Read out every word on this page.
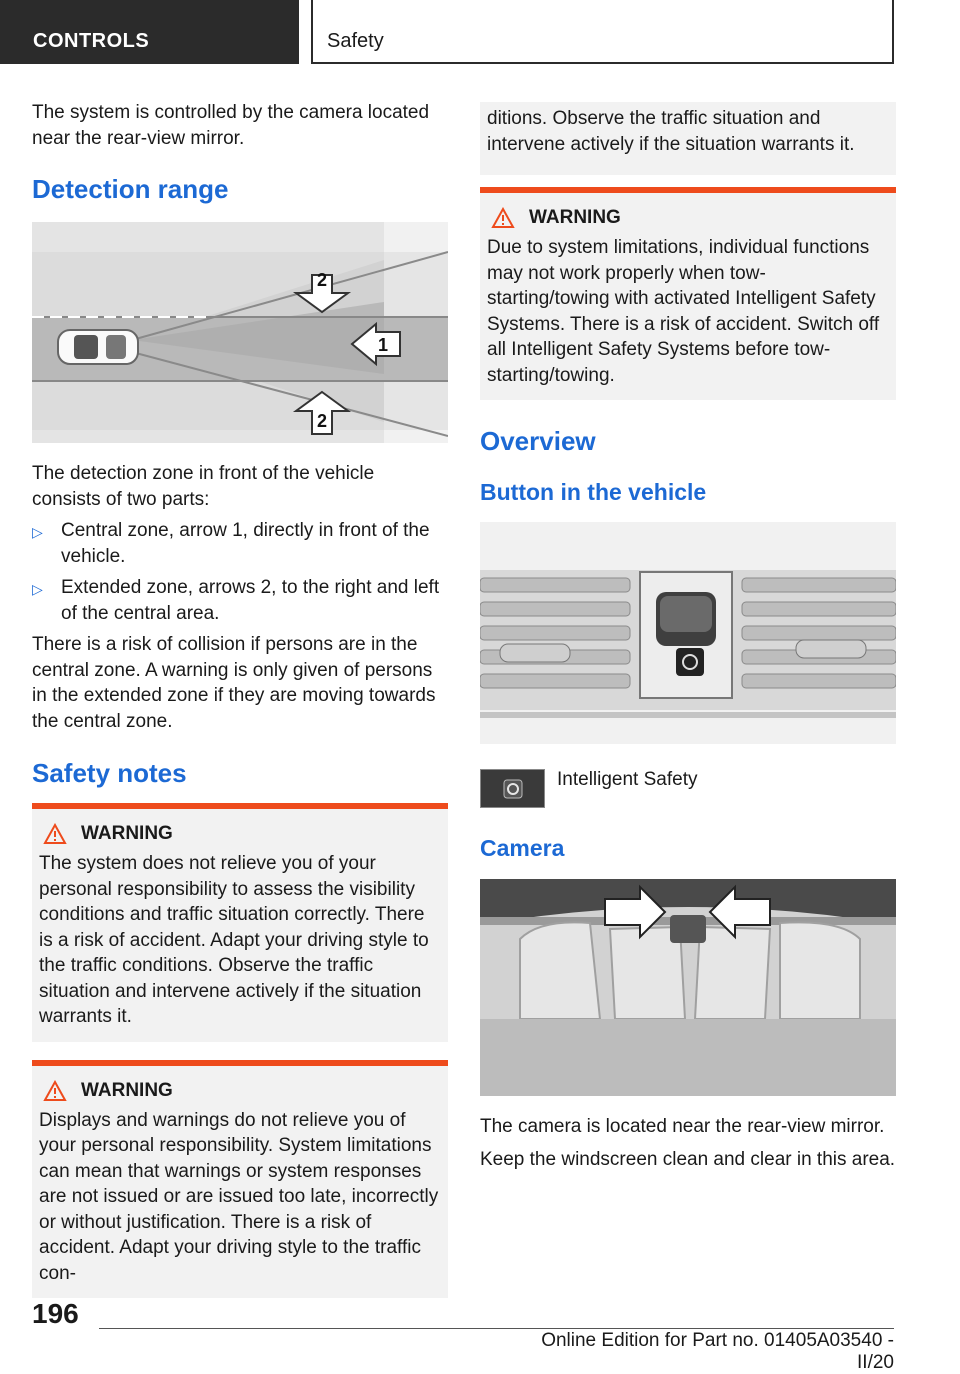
CONTROLS	Safety

The system is controlled by the camera located near the rear-view mirror.

Detection range
2
1
2

The detection zone in front of the vehicle consists of two parts:

▷ Central zone, arrow 1, directly in front of the vehicle.
▷ Extended zone, arrows 2, to the right and left of the central area.

There is a risk of collision if persons are in the central zone. A warning is only given of persons in the extended zone if they are moving towards the central zone.

Safety notes
WARNING

The system does not relieve you of your personal responsibility to assess the visibility conditions and traffic situation correctly. There is a risk of accident. Adapt your driving style to the traffic conditions. Observe the traffic situation and intervene actively if the situation warrants it.

WARNING

Displays and warnings do not relieve you of your personal responsibility. System limitations can mean that warnings or system responses are not issued or are issued too late, incorrectly or without justification. There is a risk of accident. Adapt your driving style to the traffic con-

ditions. Observe the traffic situation and intervene actively if the situation warrants it.

WARNING

Due to system limitations, individual functions may not work properly when tow-starting/towing with activated Intelligent Safety Systems. There is a risk of accident. Switch off all Intelligent Safety Systems before tow-starting/towing.

Overview
Button in the vehicle

Intelligent Safety

Camera

The camera is located near the rear-view mirror.

Keep the windscreen clean and clear in this area.

196
Online Edition for Part no. 01405A03540 - II/20
